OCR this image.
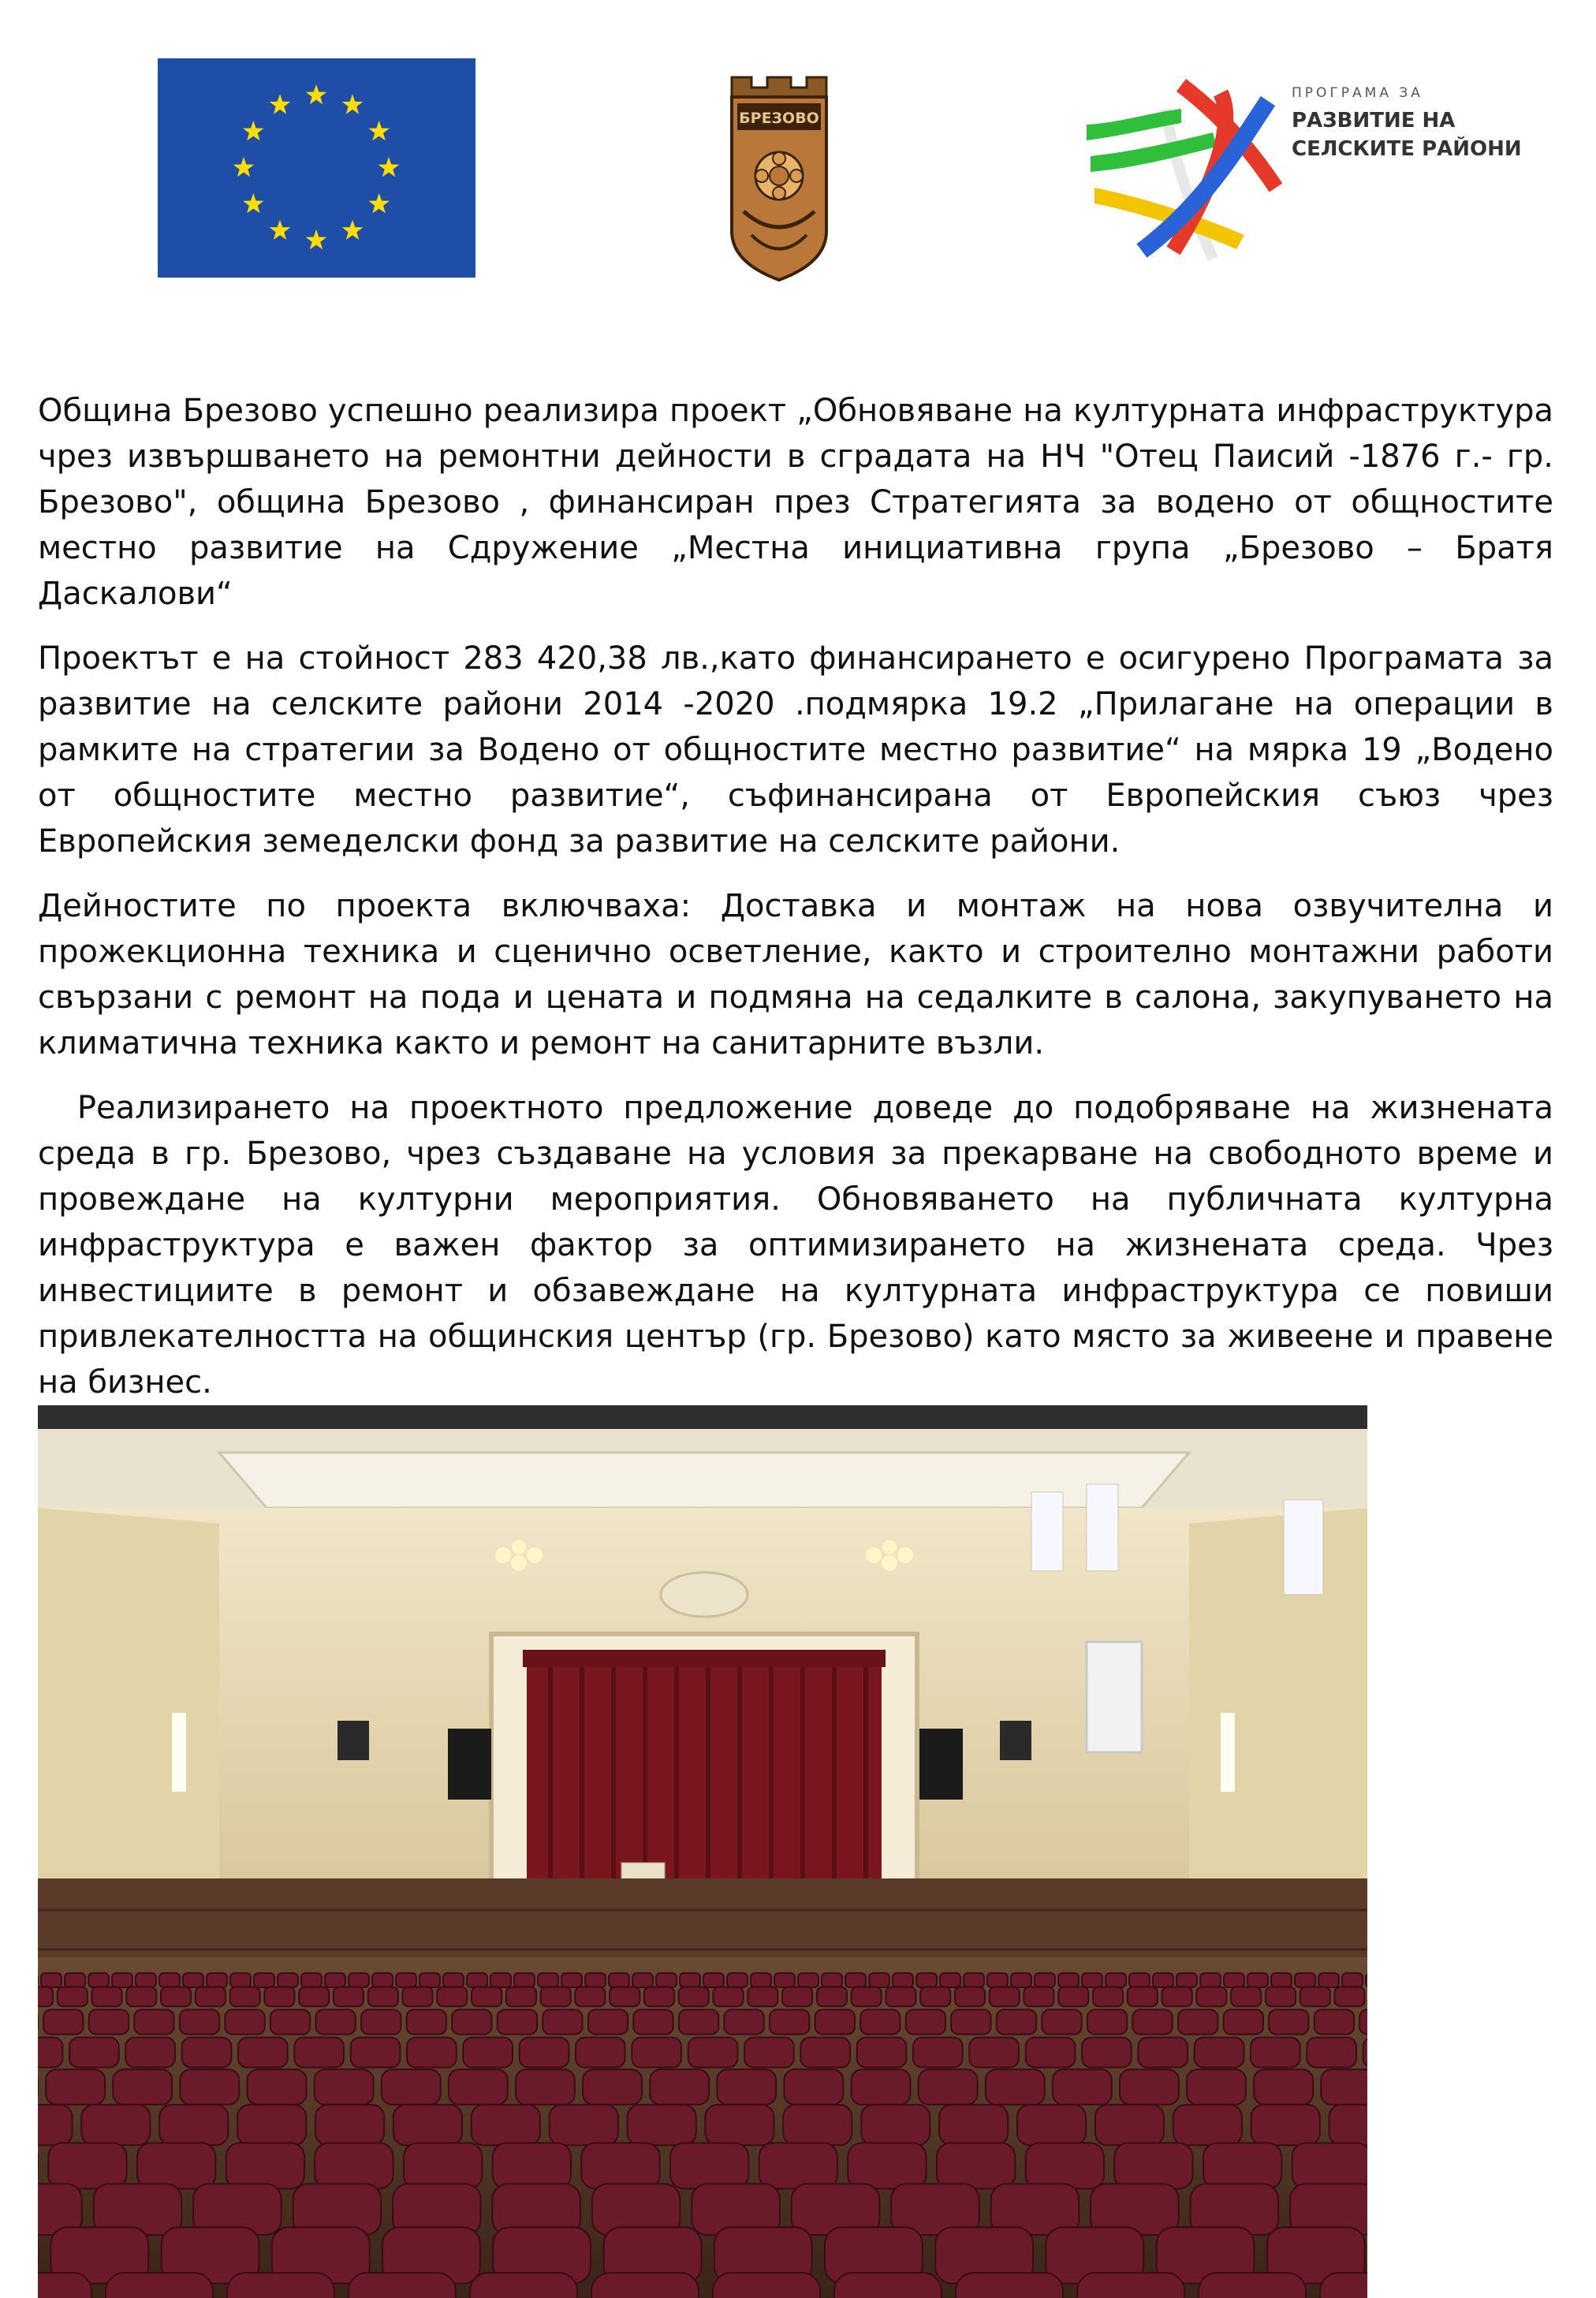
БРЕЗОВО
ПРОГРАМА ЗА
РАЗВИТИЕ НА
СЕЛСКИТЕ РАЙОНИ

Община Брезово успешно реализира проект „Обновяване на културната инфраструктура чрез извършването на ремонтни дейности в сградата на НЧ "Отец Паисий -1876 г.- гр. Брезово", община Брезово , финансиран през Стратегията за водено от общностите местно развитие на Сдружение „Местна инициативна група „Брезово – Братя Даскалови“

Проектът е на стойност 283 420,38 лв.,като финансирането е осигурено Програмата за развитие на селските райони 2014 -2020 .подмярка 19.2 „Прилагане на операции в рамките на стратегии за Водено от общностите местно развитие“ на мярка 19 „Водено от общностите местно развитие“, съфинансирана от Европейския съюз чрез Европейския земеделски фонд за развитие на селските райони.

Дейностите по проекта включваха: Доставка и монтаж на нова озвучителна и прожекционна техника и сценично осветление, както и строително монтажни работи свързани с ремонт на пода и цената и подмяна на седалките в салона, закупуването на климатична техника както и ремонт на санитарните възли.

Реализирането на проектното предложение доведе до подобряване на жизнената среда в гр. Брезово, чрез създаване на условия за прекарване на свободното време и провеждане на културни мероприятия. Обновяването на публичната културна инфраструктура е важен фактор за оптимизирането на жизнената среда. Чрез инвестициите в ремонт и обзавеждане на културната инфраструктура се повиши привлекателността на общинския център (гр. Брезово) като място за живеене и правене на бизнес.
